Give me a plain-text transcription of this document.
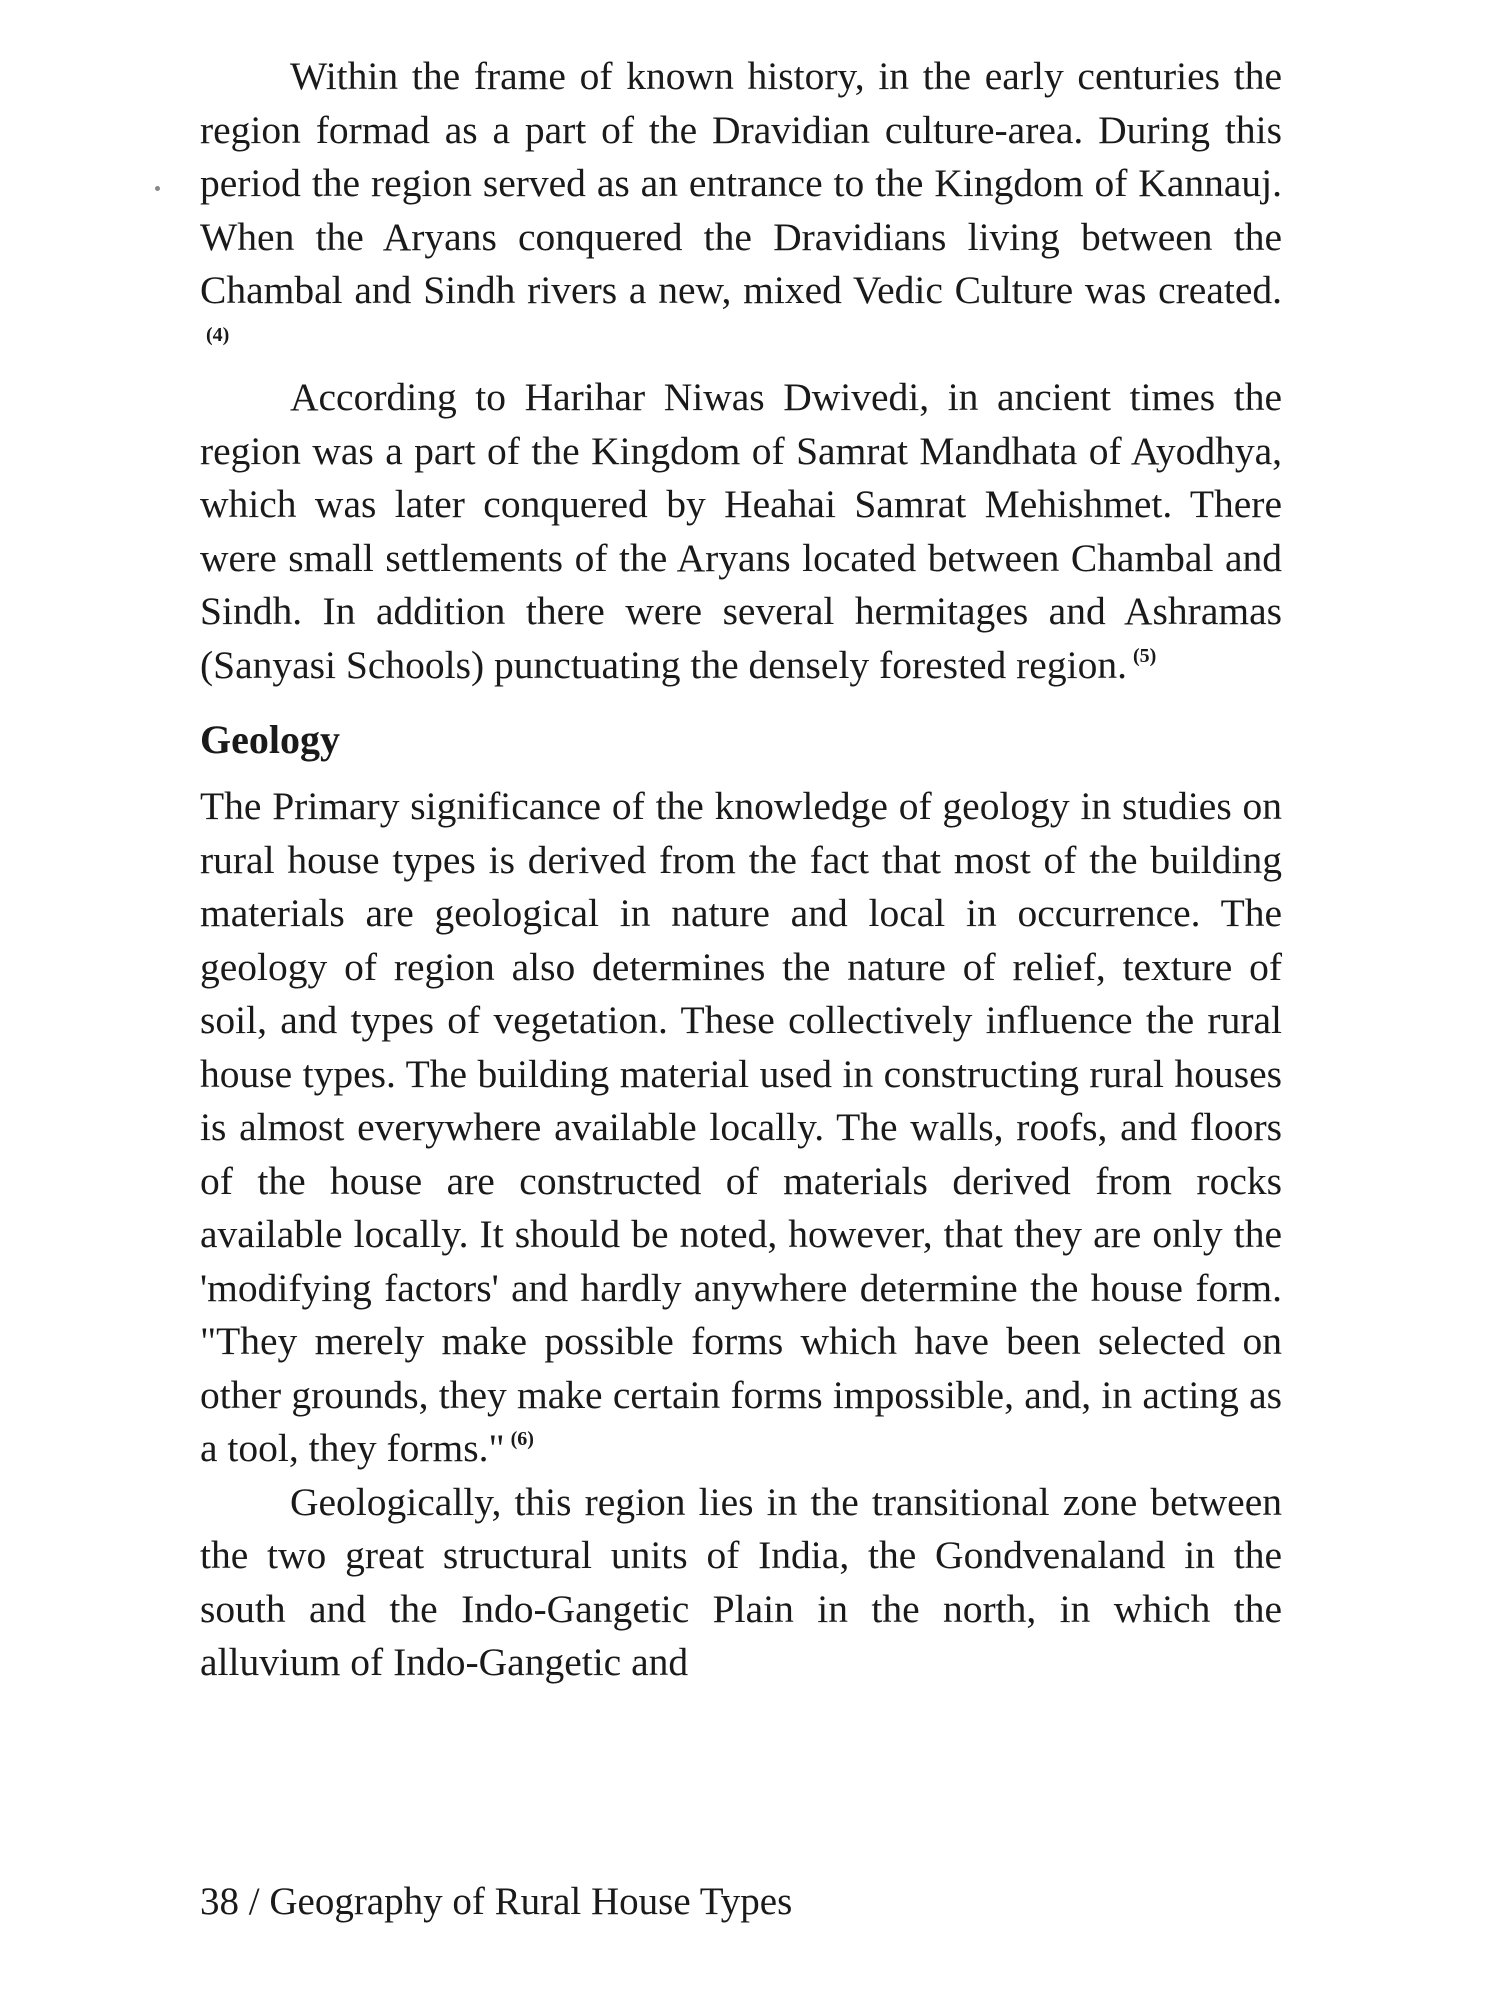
Within the frame of known history, in the early centuries the region formad as a part of the Dravidian culture-area. During this period the region served as an entrance to the Kingdom of Kannauj. When the Aryans conquered the Dravidians living between the Chambal and Sindh rivers a new, mixed Vedic Culture was created.$^{(4)}$

According to Harihar Niwas Dwivedi, in ancient times the region was a part of the Kingdom of Samrat Mandhata of Ayodhya, which was later conquered by Heahai Samrat Mehishmet. There were small settlements of the Aryans located between Chambal and Sindh. In addition there were several hermitages and Ashramas (Sanyasi Schools) punctuating the densely forested region. $^{(5)}$

Geology

The Primary significance of the knowledge of geology in studies on rural house types is derived from the fact that most of the building materials are geological in nature and local in occurrence. The geology of region also determines the nature of relief, texture of soil, and types of vegetation. These collectively influence the rural house types. The building material used in constructing rural houses is almost everywhere available locally. The walls, roofs, and floors of the house are constructed of materials derived from rocks available locally. It should be noted, however, that they are only the 'modifying factors' and hardly anywhere determine the house form. "They merely make possible forms which have been selected on other grounds, they make certain forms impossible, and, in acting as a tool, they forms." $^{(6)}$

Geologically, this region lies in the transitional zone between the two great structural units of India, the Gondvenaland in the south and the Indo-Gangetic Plain in the north, in which the alluvium of Indo-Gangetic and

38 / Geography of Rural House Types
